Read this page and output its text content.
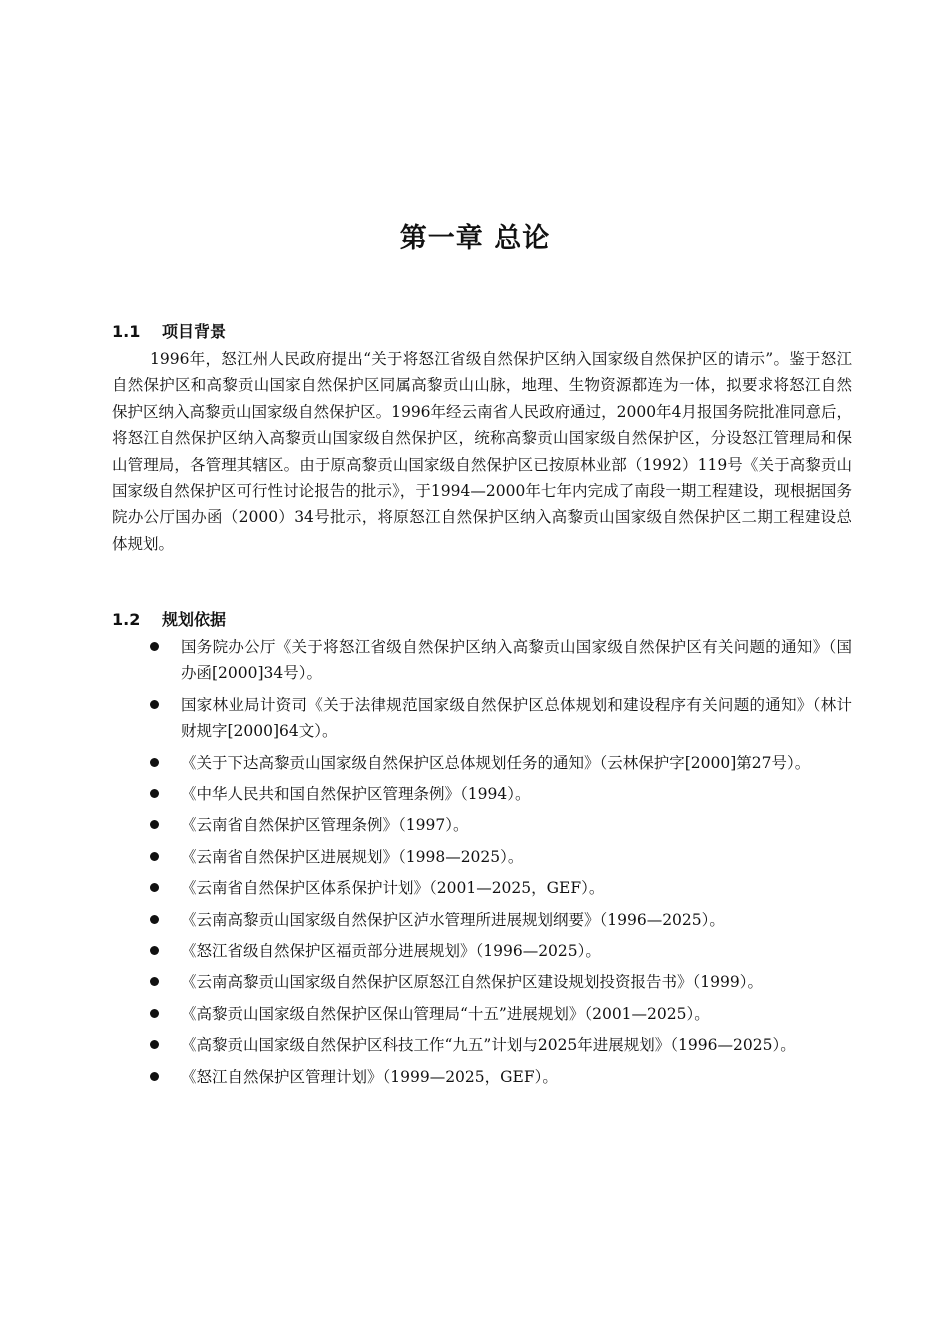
第一章 总论
1.1 项目背景

1996年，怒江州人民政府提出“关于将怒江省级自然保护区纳入国家级自然保护区的请示”。鉴于怒江自然保护区和高黎贡山国家自然保护区同属高黎贡山山脉，地理、生物资源都连为一体，拟要求将怒江自然保护区纳入高黎贡山国家级自然保护区。1996年经云南省人民政府通过，2000年4月报国务院批准同意后，将怒江自然保护区纳入高黎贡山国家级自然保护区，统称高黎贡山国家级自然保护区，分设怒江管理局和保山管理局，各管理其辖区。由于原高黎贡山国家级自然保护区已按原林业部（1992）119号《关于高黎贡山国家级自然保护区可行性讨论报告的批示》，于1994—2000年七年内完成了南段一期工程建设，现根据国务院办公厅国办函（2000）34号批示，将原怒江自然保护区纳入高黎贡山国家级自然保护区二期工程建设总体规划。

1.2 规划依据
国务院办公厅《关于将怒江省级自然保护区纳入高黎贡山国家级自然保护区有关问题的通知》（国办函[2000]34号）。
国家林业局计资司《关于法律规范国家级自然保护区总体规划和建设程序有关问题的通知》（林计财规字[2000]64文）。
《关于下达高黎贡山国家级自然保护区总体规划任务的通知》（云林保护字[2000]第27号）。
《中华人民共和国自然保护区管理条例》（1994）。
《云南省自然保护区管理条例》（1997）。
《云南省自然保护区进展规划》（1998—2025）。
《云南省自然保护区体系保护计划》（2001—2025，GEF）。
《云南高黎贡山国家级自然保护区泸水管理所进展规划纲要》（1996—2025）。
《怒江省级自然保护区福贡部分进展规划》（1996—2025）。
《云南高黎贡山国家级自然保护区原怒江自然保护区建设规划投资报告书》（1999）。
《高黎贡山国家级自然保护区保山管理局“十五”进展规划》（2001—2025）。
《高黎贡山国家级自然保护区科技工作“九五”计划与2025年进展规划》（1996—2025）。
《怒江自然保护区管理计划》（1999—2025，GEF）。
